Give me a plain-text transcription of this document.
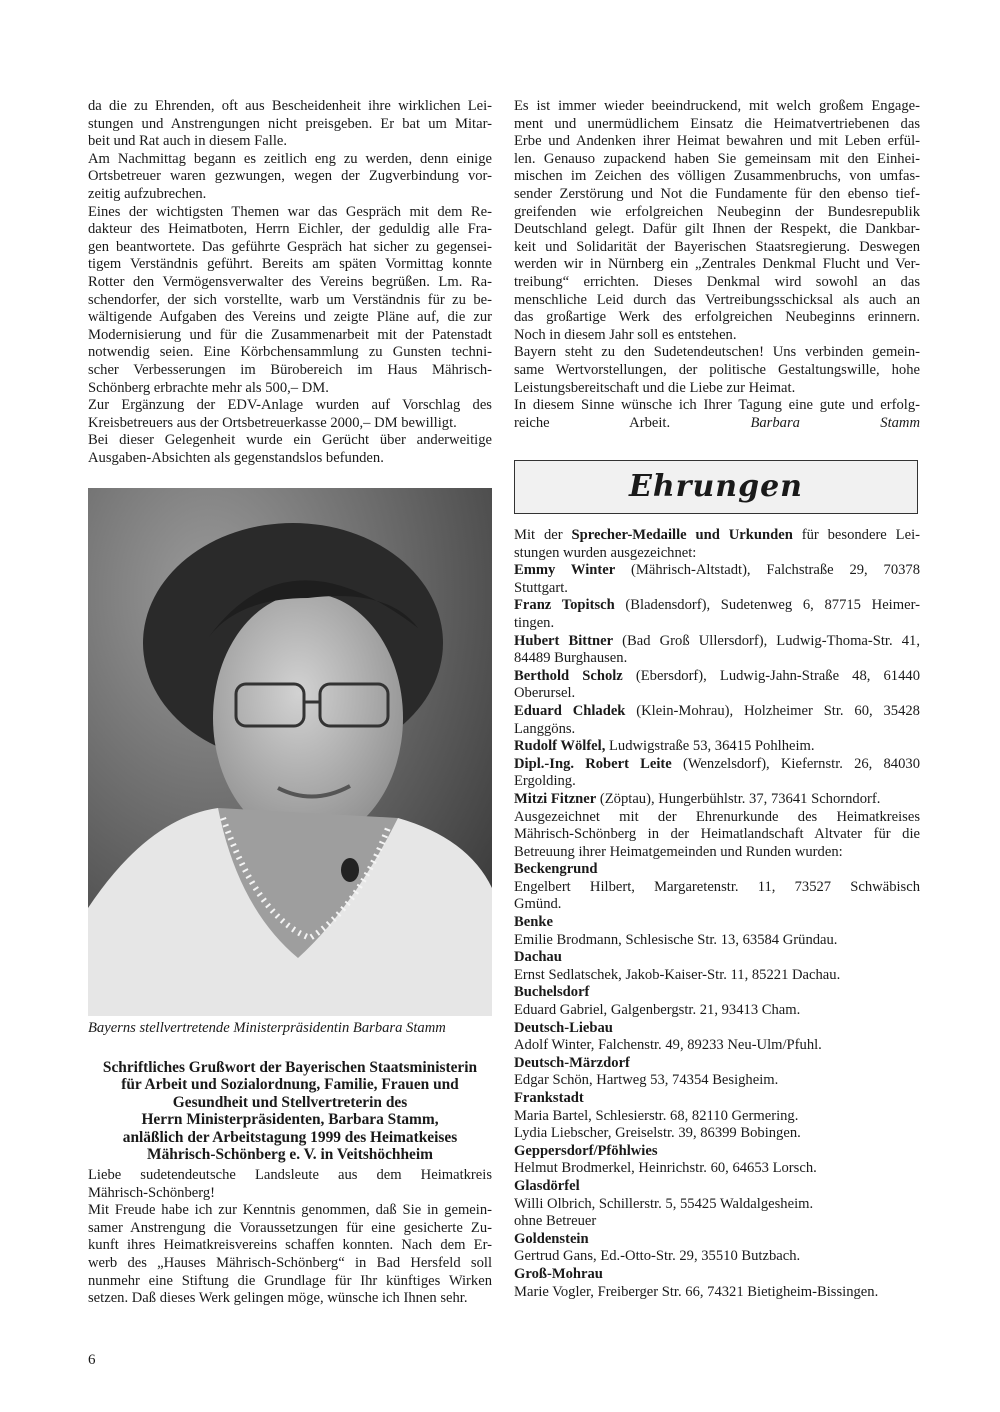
da die zu Ehrenden, oft aus Bescheidenheit ihre wirklichen Lei-
stungen und Anstrengungen nicht preisgeben. Er bat um Mitar-
beit und Rat auch in diesem Falle.
Am Nachmittag begann es zeitlich eng zu werden, denn einige
Ortsbetreuer waren gezwungen, wegen der Zugverbindung vor-
zeitig aufzubrechen.
Eines der wichtigsten Themen war das Gespräch mit dem Re-
dakteur des Heimatboten, Herrn Eichler, der geduldig alle Fra-
gen beantwortete. Das geführte Gespräch hat sicher zu gegensei-
tigem Verständnis geführt. Bereits am späten Vormittag konnte
Rotter den Vermögensverwalter des Vereins begrüßen. Lm. Ra-
schendorfer, der sich vorstellte, warb um Verständnis für zu be-
wältigende Aufgaben des Vereins und zeigte Pläne auf, die zur
Modernisierung und für die Zusammenarbeit mit der Patenstadt
notwendig seien. Eine Körbchensammlung zu Gunsten techni-
scher Verbesserungen im Bürobereich im Haus Mährisch-
Schönberg erbrachte mehr als 500,– DM.
Zur Ergänzung der EDV-Anlage wurden auf Vorschlag des
Kreisbetreuers aus der Ortsbetreuerkasse 2000,– DM bewilligt.
Bei dieser Gelegenheit wurde ein Gerücht über anderweitige
Ausgaben-Absichten als gegenstandslos befunden.
Bayerns stellvertretende Ministerpräsidentin Barbara Stamm
Schriftliches Grußwort der Bayerischen Staatsministerin
für Arbeit und Sozialordnung, Familie, Frauen und
Gesundheit und Stellvertreterin des
Herrn Ministerpräsidenten, Barbara Stamm,
anläßlich der Arbeitstagung 1999 des Heimatkeises
Mährisch-Schönberg e. V. in Veitshöchheim
Liebe sudetendeutsche Landsleute aus dem Heimatkreis
Mährisch-Schönberg!
Mit Freude habe ich zur Kenntnis genommen, daß Sie in gemein-
samer Anstrengung die Voraussetzungen für eine gesicherte Zu-
kunft ihres Heimatkreisvereins schaffen konnten. Nach dem Er-
werb des „Hauses Mährisch-Schönberg“ in Bad Hersfeld soll
nunmehr eine Stiftung die Grundlage für Ihr künftiges Wirken
setzen. Daß dieses Werk gelingen möge, wünsche ich Ihnen sehr.
Es ist immer wieder beeindruckend, mit welch großem Engage-
ment und unermüdlichem Einsatz die Heimatvertriebenen das
Erbe und Andenken ihrer Heimat bewahren und mit Leben erfül-
len. Genauso zupackend haben Sie gemeinsam mit den Einhei-
mischen im Zeichen des völligen Zusammenbruchs, von umfas-
sender Zerstörung und Not die Fundamente für den ebenso tief-
greifenden wie erfolgreichen Neubeginn der Bundesrepublik
Deutschland gelegt. Dafür gilt Ihnen der Respekt, die Dankbar-
keit und Solidarität der Bayerischen Staatsregierung. Deswegen
werden wir in Nürnberg ein „Zentrales Denkmal Flucht und Ver-
treibung“ errichten. Dieses Denkmal wird sowohl an das
menschliche Leid durch das Vertreibungsschicksal als auch an
das großartige Werk des erfolgreichen Neubeginns erinnern.
Noch in diesem Jahr soll es entstehen.
Bayern steht zu den Sudetendeutschen! Uns verbinden gemein-
same Wertvorstellungen, der politische Gestaltungswille, hohe
Leistungsbereitschaft und die Liebe zur Heimat.
In diesem Sinne wünsche ich Ihrer Tagung eine gute und erfolg-
reiche Arbeit. Barbara Stamm
Ehrungen
Mit der Sprecher-Medaille und Urkunden für besondere Lei-
stungen wurden ausgezeichnet:
Emmy Winter (Mährisch-Altstadt), Falchstraße 29, 70378
Stuttgart.
Franz Topitsch (Bladensdorf), Sudetenweg 6, 87715 Heimer-
tingen.
Hubert Bittner (Bad Groß Ullersdorf), Ludwig-Thoma-Str. 41,
84489 Burghausen.
Berthold Scholz (Ebersdorf), Ludwig-Jahn-Straße 48, 61440
Oberursel.
Eduard Chladek (Klein-Mohrau), Holzheimer Str. 60, 35428
Langgöns.
Rudolf Wölfel, Ludwigstraße 53, 36415 Pohlheim.
Dipl.-Ing. Robert Leite (Wenzelsdorf), Kiefernstr. 26, 84030
Ergolding.
Mitzi Fitzner (Zöptau), Hungerbühlstr. 37, 73641 Schorndorf.
Ausgezeichnet mit der Ehrenurkunde des Heimatkreises
Mährisch-Schönberg in der Heimatlandschaft Altvater für die
Betreuung ihrer Heimatgemeinden und Runden wurden:
Beckengrund
Engelbert Hilbert, Margaretenstr. 11, 73527 Schwäbisch
Gmünd.
Benke
Emilie Brodmann, Schlesische Str. 13, 63584 Gründau.
Dachau
Ernst Sedlatschek, Jakob-Kaiser-Str. 11, 85221 Dachau.
Buchelsdorf
Eduard Gabriel, Galgenbergstr. 21, 93413 Cham.
Deutsch-Liebau
Adolf Winter, Falchenstr. 49, 89233 Neu-Ulm/Pfuhl.
Deutsch-Märzdorf
Edgar Schön, Hartweg 53, 74354 Besigheim.
Frankstadt
Maria Bartel, Schlesierstr. 68, 82110 Germering.
Lydia Liebscher, Greiselstr. 39, 86399 Bobingen.
Geppersdorf/Pföhlwies
Helmut Brodmerkel, Heinrichstr. 60, 64653 Lorsch.
Glasdörfel
Willi Olbrich, Schillerstr. 5, 55425 Waldalgesheim.
ohne Betreuer
Goldenstein
Gertrud Gans, Ed.-Otto-Str. 29, 35510 Butzbach.
Groß-Mohrau
Marie Vogler, Freiberger Str. 66, 74321 Bietigheim-Bissingen.
6
